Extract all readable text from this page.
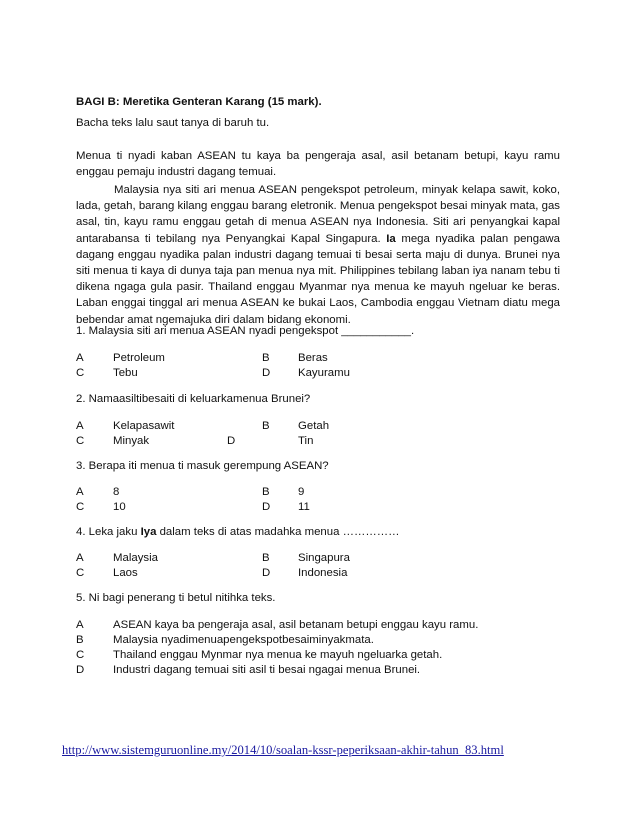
BAGI B: Meretika Genteran Karang (15 mark).
Bacha teks lalu saut tanya di baruh tu.
Menua ti nyadi kaban ASEAN tu kaya ba pengeraja asal, asil betanam betupi, kayu ramu enggau pemaju industri dagang temuai.
Malaysia nya siti ari menua ASEAN pengekspot petroleum, minyak kelapa sawit, koko, lada, getah, barang kilang enggau barang eletronik. Menua pengekspot besai minyak mata, gas asal, tin, kayu ramu enggau getah di menua ASEAN nya Indonesia. Siti ari penyangkai kapal antarabansa ti tebilang nya Penyangkai Kapal Singapura. Ia mega nyadika palan pengawa dagang enggau nyadika palan industri dagang temuai ti besai serta maju di dunya. Brunei nya siti menua ti kaya di dunya taja pan menua nya mit. Philippines tebilang laban iya nanam tebu ti dikena ngaga gula pasir. Thailand enggau Myanmar nya menua ke mayuh ngeluar ke beras. Laban enggai tinggal ari menua ASEAN ke bukai Laos, Cambodia enggau Vietnam diatu mega bebendar amat ngemajuka diri dalam bidang ekonomi.
1. Malaysia siti ari menua ASEAN nyadi pengekspot ___________.
A	Petroleum	B Beras
C	Tebu	D Kayuramu
2. Namaasiltibesaiti di keluarkamenua Brunei?
A	Kelapasawit	B Getah
C	Minyak	D	Tin
3. Berapa iti menua ti masuk gerempung ASEAN?
A	8	B 9
C	10	D 11
4. Leka jaku Iya dalam teks di atas madahka menua ……………
A	Malaysia	B Singapura
C	Laos	D Indonesia
5. Ni bagi penerang ti betul nitihka teks.
A	ASEAN kaya ba pengeraja asal, asil betanam betupi enggau kayu ramu.
B	Malaysia nyadimenuapengekspotbesaiminyakmata.
C	Thailand enggau Mynmar nya menua ke mayuh ngeluarka getah.
D	Industri dagang temuai siti asil ti besai ngagai menua Brunei.
http://www.sistemguruonline.my/2014/10/soalan-kssr-peperiksaan-akhir-tahun_83.html
